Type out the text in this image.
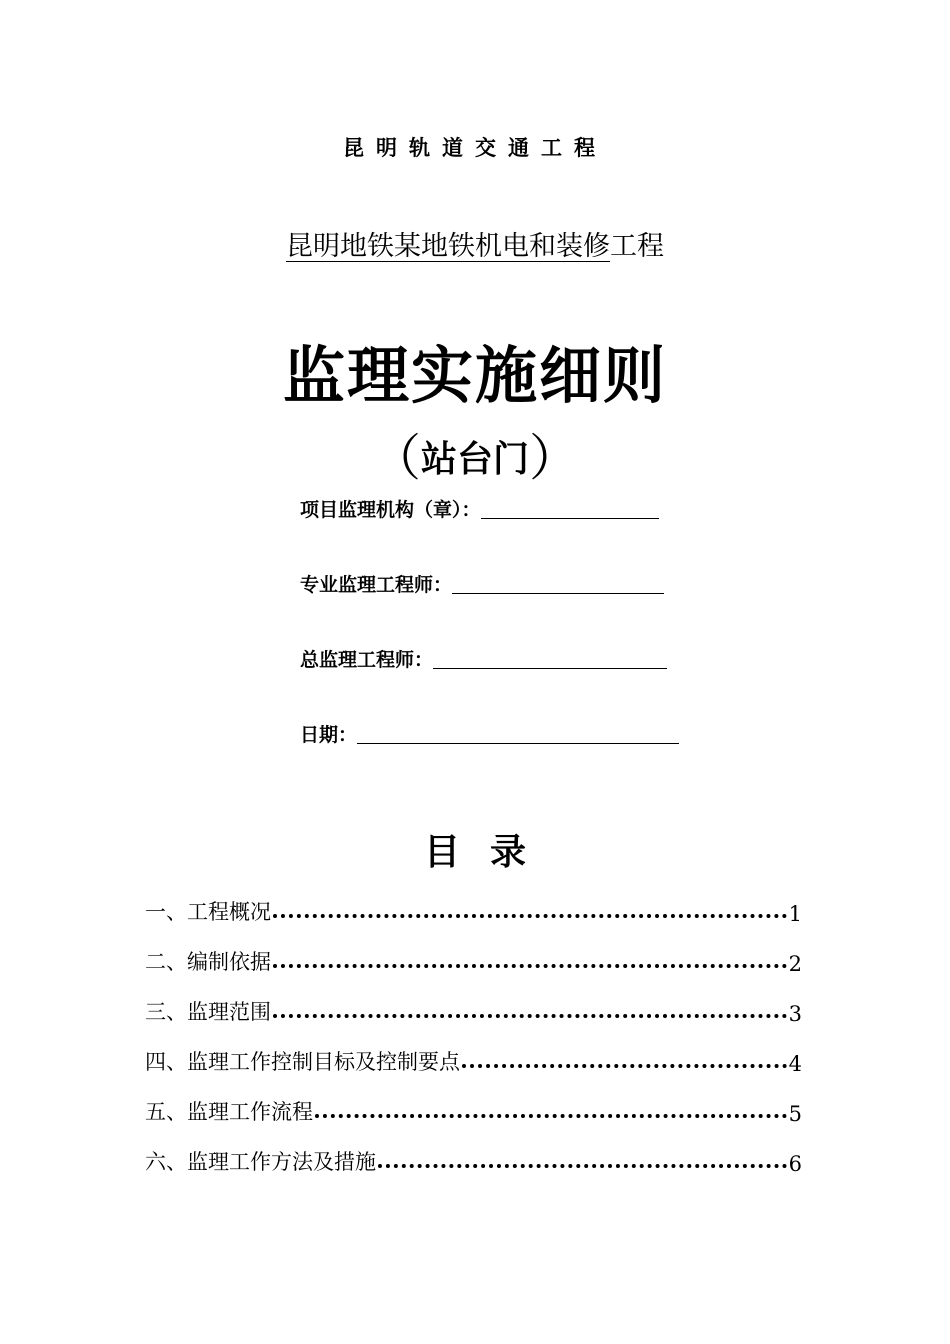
昆明轨道交通工程
昆明地铁某地铁机电和装修工程
监理实施细则
（站台门）
项目监理机构（章）：
专业监理工程师：
总监理工程师：
日期：
目录
一、工程概况	1
二、编制依据	2
三、监理范围	3
四、监理工作控制目标及控制要点	4
五、监理工作流程	5
六、监理工作方法及措施	6
